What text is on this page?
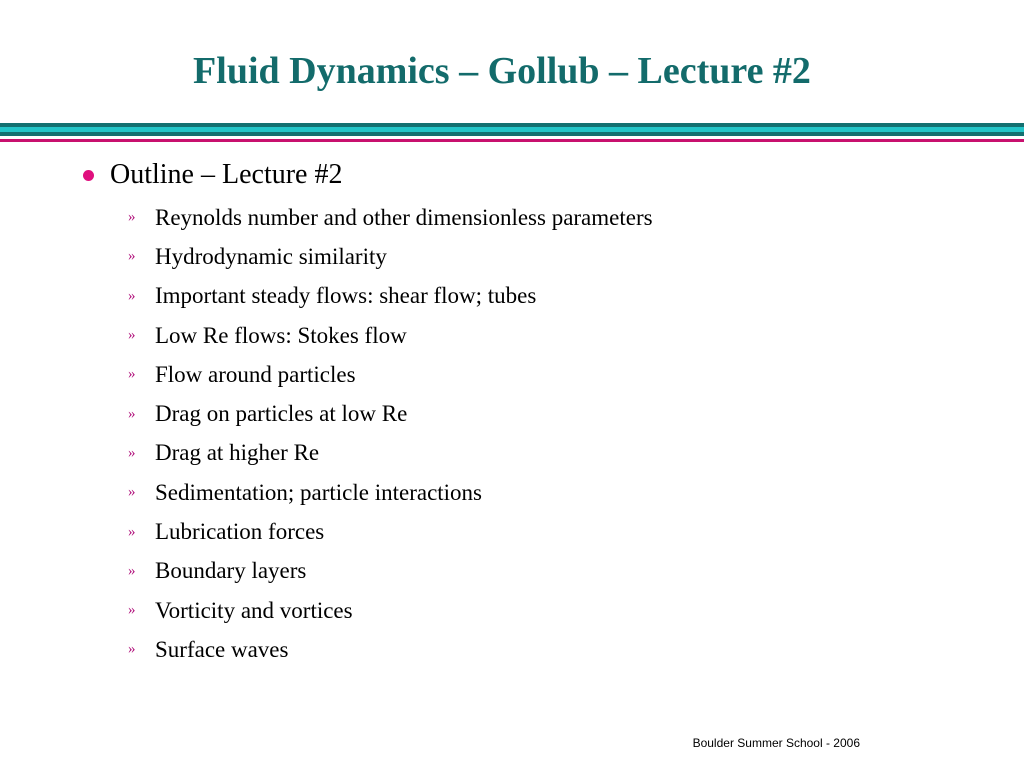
Fluid Dynamics – Gollub – Lecture #2
Outline – Lecture #2
» Reynolds number and other dimensionless parameters
» Hydrodynamic similarity
» Important steady flows: shear flow; tubes
» Low Re flows: Stokes flow
» Flow around particles
» Drag on particles at low Re
» Drag at higher Re
» Sedimentation; particle interactions
» Lubrication forces
» Boundary layers
» Vorticity and vortices
» Surface waves
Boulder Summer School - 2006
